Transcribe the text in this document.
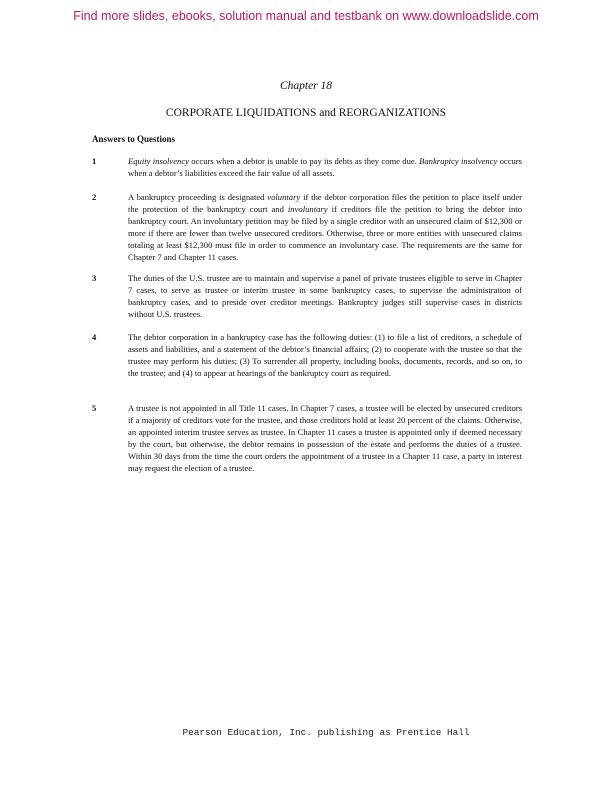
Find more slides, ebooks, solution manual and testbank on www.downloadslide.com
Chapter 18
CORPORATE LIQUIDATIONS and REORGANIZATIONS
Answers to Questions
1	Equity insolvency occurs when a debtor is unable to pay its debts as they come due. Bankruptcy insolvency occurs when a debtor’s liabilities exceed the fair value of all assets.
2	A bankruptcy proceeding is designated voluntary if the debtor corporation files the petition to place itself under the protection of the bankruptcy court and involuntary if creditors file the petition to bring the debtor into bankruptcy court. An involuntary petition may be filed by a single creditor with an unsecured claim of $12,300 or more if there are fewer than twelve unsecured creditors. Otherwise, three or more entities with unsecured claims totaling at least $12,300 must file in order to commence an involuntary case. The requirements are the same for Chapter 7 and Chapter 11 cases.
3	The duties of the U.S. trustee are to maintain and supervise a panel of private trustees eligible to serve in Chapter 7 cases, to serve as trustee or interim trustee in some bankruptcy cases, to supervise the administration of bankruptcy cases, and to preside over creditor meetings. Bankruptcy judges still supervise cases in districts without U.S. trustees.
4	The debtor corporation in a bankruptcy case has the following duties: (1) to file a list of creditors, a schedule of assets and liabilities, and a statement of the debtor’s financial affairs; (2) to cooperate with the trustee so that the trustee may perform his duties; (3) To surrender all property, including books, documents, records, and so on, to the trustee; and (4) to appear at hearings of the bankruptcy court as required.
5	A trustee is not appointed in all Title 11 cases. In Chapter 7 cases, a trustee will be elected by unsecured creditors if a majority of creditors vote for the trustee, and those creditors hold at least 20 percent of the claims. Otherwise, an appointed interim trustee serves as trustee. In Chapter 11 cases a trustee is appointed only if deemed necessary by the court, but otherwise, the debtor remains in possession of the estate and performs the duties of a trustee. Within 30 days from the time the court orders the appointment of a trustee in a Chapter 11 case, a party in interest may request the election of a trustee.
Pearson Education, Inc. publishing as Prentice Hall
